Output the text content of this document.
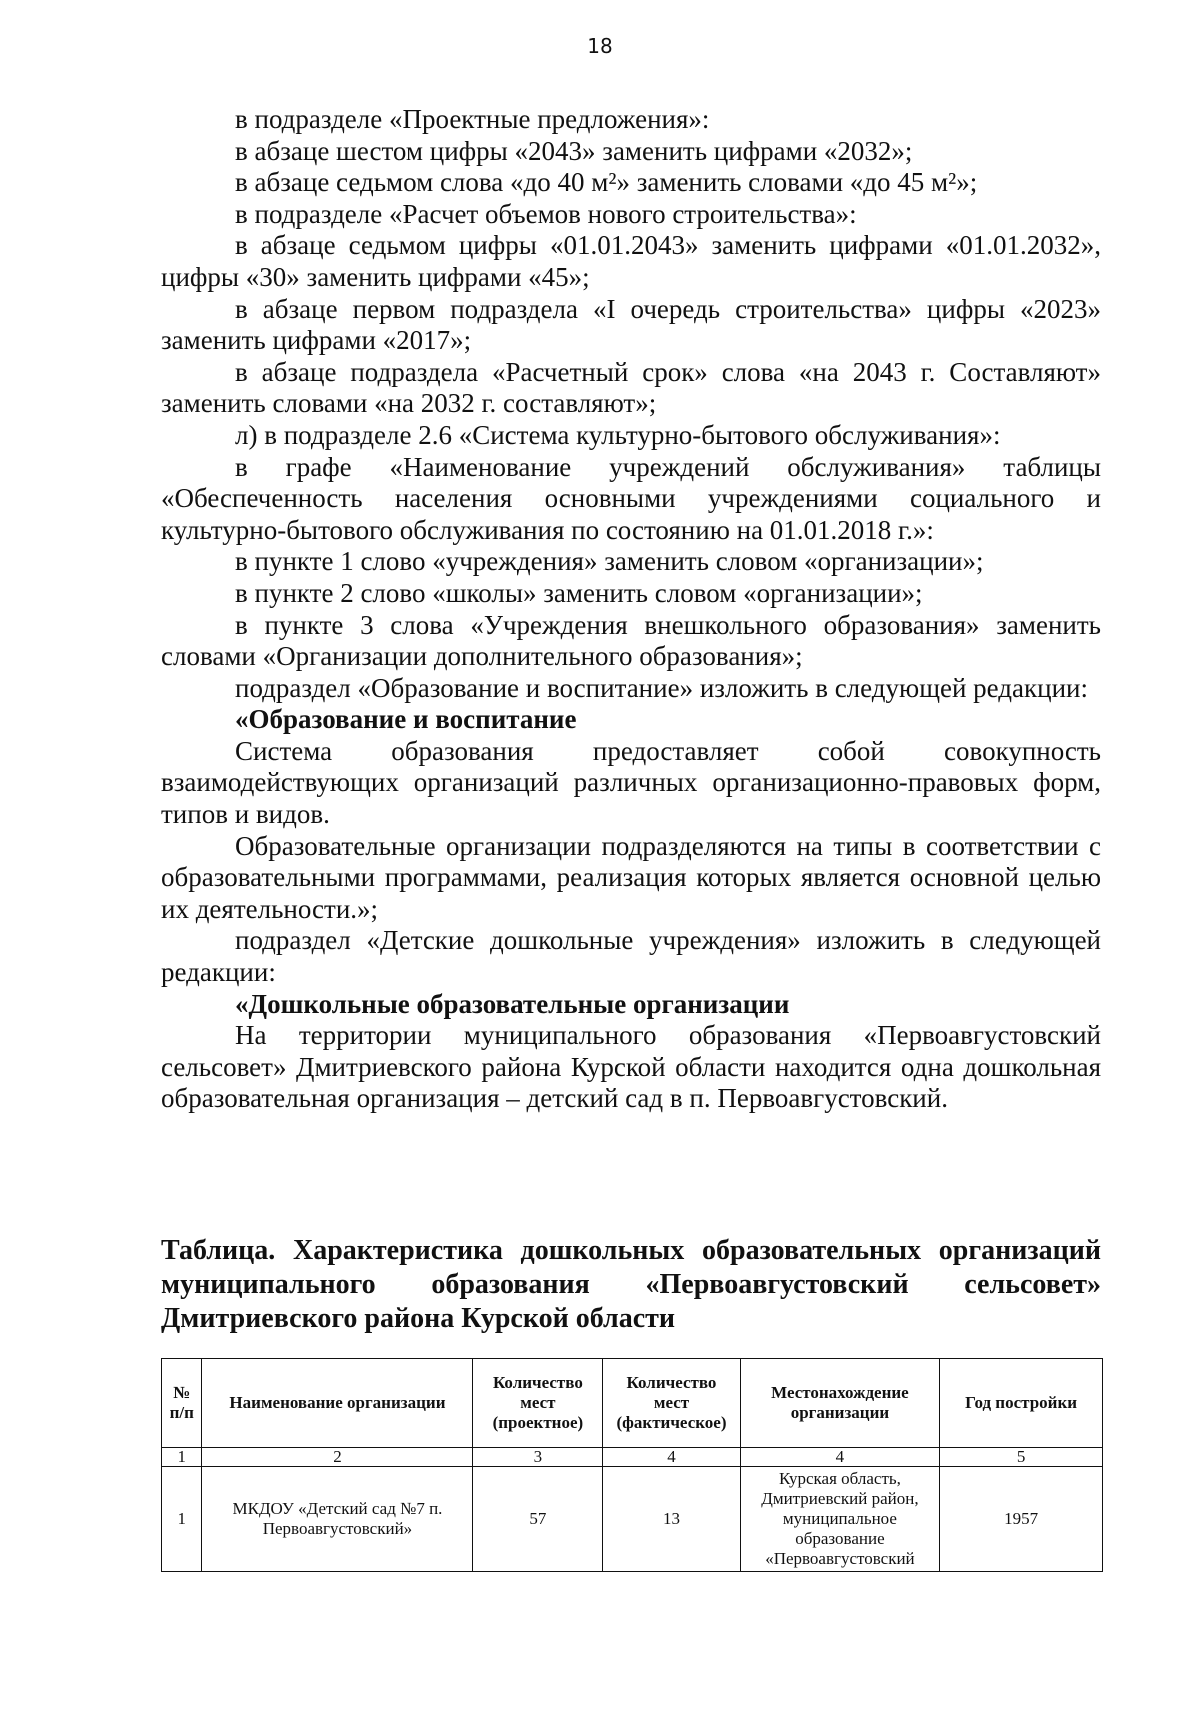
18

в подразделе «Проектные предложения»:

в абзаце шестом цифры «2043» заменить цифрами «2032»;

в абзаце седьмом слова «до 40 м²» заменить словами «до 45 м²»;

в подразделе «Расчет объемов нового строительства»:

в абзаце седьмом цифры «01.01.2043» заменить цифрами «01.01.2032», цифры «30» заменить цифрами «45»;

в абзаце первом подраздела «I очередь строительства» цифры «2023» заменить цифрами «2017»;

в абзаце подраздела «Расчетный срок» слова «на 2043 г. Составляют» заменить словами «на 2032 г. составляют»;

л) в подразделе 2.6 «Система культурно-бытового обслуживания»:

в графе «Наименование учреждений обслуживания» таблицы «Обеспеченность населения основными учреждениями социального и культурно-бытового обслуживания по состоянию на 01.01.2018 г.»:

в пункте 1 слово «учреждения» заменить словом «организации»;

в пункте 2 слово «школы» заменить словом «организации»;

в пункте 3 слова «Учреждения внешкольного образования» заменить словами «Организации дополнительного образования»;

подраздел «Образование и воспитание» изложить в следующей редакции:

«Образование и воспитание

Система образования предоставляет собой совокупность взаимодействующих организаций различных организационно-правовых форм, типов и видов.

Образовательные организации подразделяются на типы в соответствии с образовательными программами, реализация которых является основной целью их деятельности.»;

подраздел «Детские дошкольные учреждения» изложить в следующей редакции:

«Дошкольные образовательные организации

На территории муниципального образования «Первоавгустовский сельсовет» Дмитриевского района Курской области находится одна дошкольная образовательная организация – детский сад в п. Первоавгустовский.

Таблица. Характеристика дошкольных образовательных организаций муниципального образования «Первоавгустовский сельсовет» Дмитриевского района Курской области
№ п/п	Наименование организации	Количество мест (проектное)	Количество мест (фактическое)	Местонахождение организации	Год постройки
1	2	3	4	4	5
1	МКДОУ «Детский сад №7 п. Первоавгустовский»	57	13	Курская область, Дмитриевский район, муниципальное образование «Первоавгустовский	1957
